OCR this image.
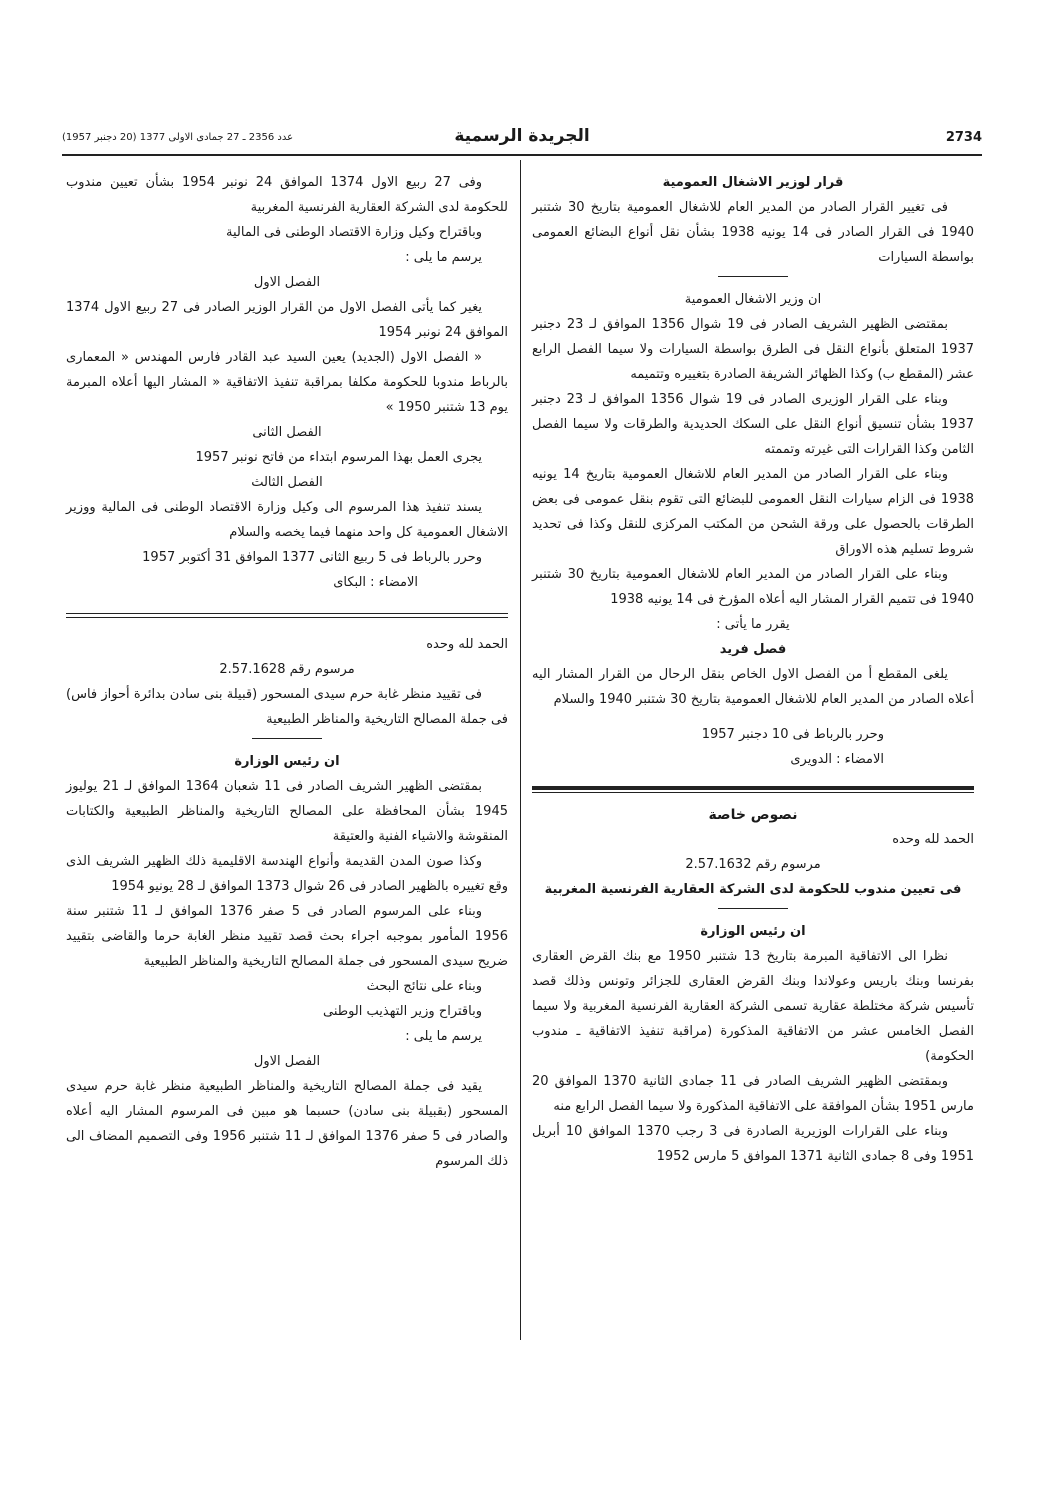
2734
الجريدة الرسمية
عدد 2356 ـ 27 جمادى الاولى 1377 (20 دجنبر 1957)

قرار لوزير الاشغال العمومية

فى تغيير القرار الصادر من المدير العام للاشغال العمومية بتاريخ 30 شتنبر 1940 فى القرار الصادر فى 14 يونيه 1938 بشأن نقل أنواع البضائع العمومى بواسطة السيارات

ان وزير الاشغال العمومية

بمقتضى الظهير الشريف الصادر فى 19 شوال 1356 الموافق لـ 23 دجنبر 1937 المتعلق بأنواع النقل فى الطرق بواسطة السيارات ولا سيما الفصل الرابع عشر (المقطع ب) وكذا الظهائر الشريفة الصادرة بتغييره وتتميمه

وبناء على القرار الوزيرى الصادر فى 19 شوال 1356 الموافق لـ 23 دجنبر 1937 بشأن تنسيق أنواع النقل على السكك الحديدية والطرقات ولا سيما الفصل الثامن وكذا القرارات التى غيرته وتممته

وبناء على القرار الصادر من المدير العام للاشغال العمومية بتاريخ 14 يونيه 1938 فى الزام سيارات النقل العمومى للبضائع التى تقوم بنقل عمومى فى بعض الطرقات بالحصول على ورقة الشحن من المكتب المركزى للنقل وكذا فى تحديد شروط تسليم هذه الاوراق

وبناء على القرار الصادر من المدير العام للاشغال العمومية بتاريخ 30 شتنبر 1940 فى تتميم القرار المشار اليه أعلاه المؤرخ فى 14 يونيه 1938

يقرر ما يأتى :

فصل فريد

يلغى المقطع أ من الفصل الاول الخاص بنقل الرحال من القرار المشار اليه أعلاه الصادر من المدير العام للاشغال العمومية بتاريخ 30 شتنبر 1940 والسلام

وحرر بالرباط فى 10 دجنبر 1957

الامضاء : الدويرى

نصوص خاصة

الحمد لله وحده

مرسوم رقم 2.57.1632

فى تعيين مندوب للحكومة لدى الشركة العقارية الفرنسية المغربية

ان رئيس الوزارة

نظرا الى الاتفاقية المبرمة بتاريخ 13 شتنبر 1950 مع بنك القرض العقارى بفرنسا وبنك باريس وعولاندا وبنك القرض العقارى للجزائر وتونس وذلك قصد تأسيس شركة مختلطة عقارية تسمى الشركة العقارية الفرنسية المغربية ولا سيما الفصل الخامس عشر من الاتفاقية المذكورة (مراقبة تنفيذ الاتفاقية ـ مندوب الحكومة)

وبمقتضى الظهير الشريف الصادر فى 11 جمادى الثانية 1370 الموافق 20 مارس 1951 بشأن الموافقة على الاتفاقية المذكورة ولا سيما الفصل الرابع منه

وبناء على القرارات الوزيرية الصادرة فى 3 رجب 1370 الموافق 10 أبريل 1951 وفى 8 جمادى الثانية 1371 الموافق 5 مارس 1952

وفى 27 ربيع الاول 1374 الموافق 24 نونبر 1954 بشأن تعيين مندوب للحكومة لدى الشركة العقارية الفرنسية المغربية

وباقتراح وكيل وزارة الاقتصاد الوطنى فى المالية

يرسم ما يلى :

الفصل الاول

يغير كما يأتى الفصل الاول من القرار الوزير الصادر فى 27 ربيع الاول 1374 الموافق 24 نونبر 1954

« الفصل الاول (الجديد) يعين السيد عبد القادر فارس المهندس « المعمارى بالرباط مندوبا للحكومة مكلفا بمراقبة تنفيذ الاتفاقية « المشار اليها أعلاه المبرمة يوم 13 شتنبر 1950 »

الفصل الثانى

يجرى العمل بهذا المرسوم ابتداء من فاتح نونبر 1957

الفصل الثالث

يسند تنفيذ هذا المرسوم الى وكيل وزارة الاقتصاد الوطنى فى المالية ووزير الاشغال العمومية كل واحد منهما فيما يخصه والسلام

وحرر بالرباط فى 5 ربيع الثانى 1377 الموافق 31 أكتوبر 1957

الامضاء : البكاى

الحمد لله وحده

مرسوم رقم 2.57.1628

فى تقييد منظر غابة حرم سيدى المسحور (قبيلة بنى سادن بدائرة أحواز فاس) فى جملة المصالح التاريخية والمناظر الطبيعية

ان رئيس الوزارة

بمقتضى الظهير الشريف الصادر فى 11 شعبان 1364 الموافق لـ 21 يوليوز 1945 بشأن المحافظة على المصالح التاريخية والمناظر الطبيعية والكتابات المنقوشة والاشياء الفنية والعتيقة

وكذا صون المدن القديمة وأنواع الهندسة الاقليمية ذلك الظهير الشريف الذى وقع تغييره بالظهير الصادر فى 26 شوال 1373 الموافق لـ 28 يونيو 1954

وبناء على المرسوم الصادر فى 5 صفر 1376 الموافق لـ 11 شتنبر سنة 1956 المأمور بموجبه اجراء بحث قصد تقييد منظر الغابة حرما والقاضى بتقييد ضريح سيدى المسحور فى جملة المصالح التاريخية والمناظر الطبيعية

وبناء على نتائج البحث

وباقتراح وزير التهذيب الوطنى

يرسم ما يلى :

الفصل الاول

يقيد فى جملة المصالح التاريخية والمناظر الطبيعية منظر غابة حرم سيدى المسحور (بقبيلة بنى سادن) حسبما هو مبين فى المرسوم المشار اليه أعلاه والصادر فى 5 صفر 1376 الموافق لـ 11 شتنبر 1956 وفى التصميم المضاف الى ذلك المرسوم
